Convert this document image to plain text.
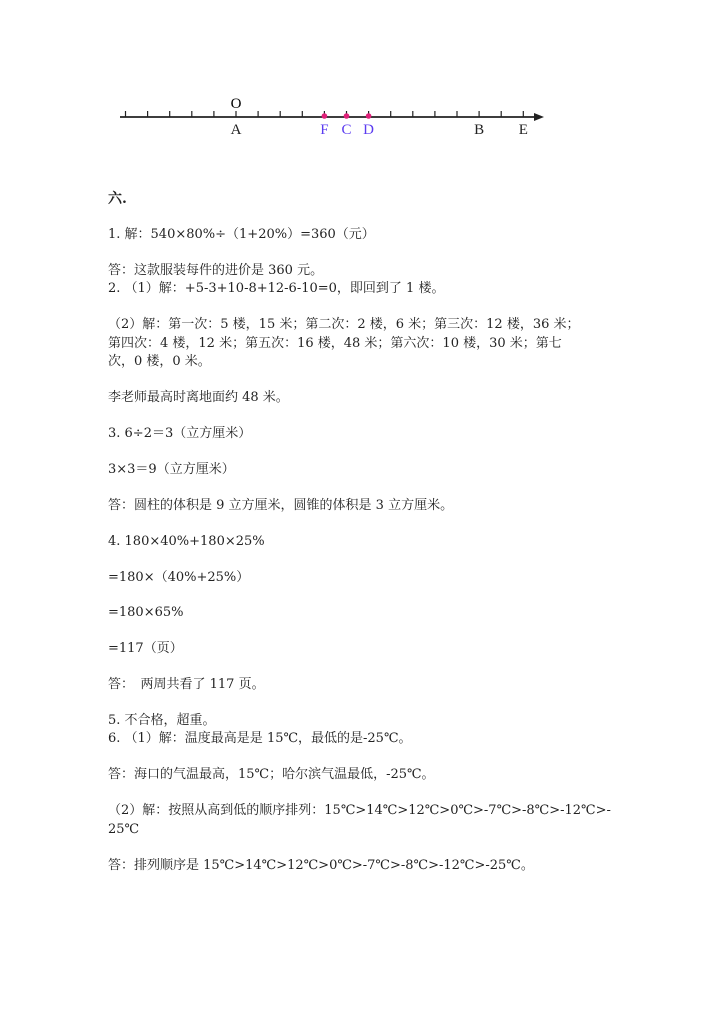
A	F C D	B E
O
六.
1. 解：540×80%÷（1+20%）=360（元）
答：这款服装每件的进价是 360 元。
2. （1）解：+5-3+10-8+12-6-10=0，即回到了 1 楼。
（2）解：第一次：5 楼，15 米；第二次：2 楼，6 米；第三次：12 楼，36 米；
第四次：4 楼，12 米；第五次：16 楼，48 米；第六次：10 楼，30 米；第七
次，0 楼，0 米。
李老师最高时离地面约 48 米。
3. 6÷2＝3（立方厘米）
3×3＝9（立方厘米）
答：圆柱的体积是 9 立方厘米，圆锥的体积是 3 立方厘米。
4. 180×40%+180×25%
=180×（40%+25%）
=180×65%
=117（页）
答：　两周共看了 117 页。
5. 不合格，超重。
6. （1）解：温度最高是是 15℃，最低的是-25℃。
答：海口的气温最高，15℃；哈尔滨气温最低，-25℃。
（2）解：按照从高到低的顺序排列：15℃>14℃>12℃>0℃>-7℃>-8℃>-12℃>-
25℃
答：排列顺序是 15℃>14℃>12℃>0℃>-7℃>-8℃>-12℃>-25℃。
